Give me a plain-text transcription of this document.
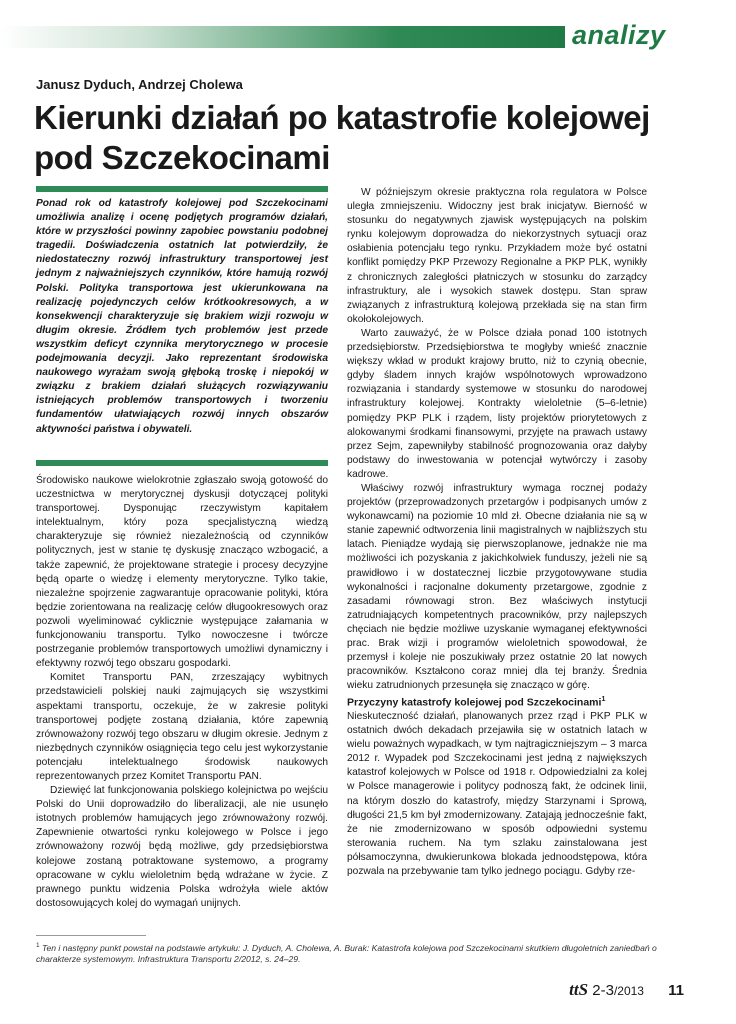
analizy
Janusz Dyduch, Andrzej Cholewa
Kierunki działań po katastrofie kolejowej pod Szczekocinami

Ponad rok od katastrofy kolejowej pod Szczekocinami umożliwia analizę i ocenę podjętych programów działań, które w przyszłości powinny zapobiec powstaniu podobnej tragedii. Doświadczenia ostatnich lat potwierdziły, że niedostateczny rozwój infrastruktury transportowej jest jednym z najważniejszych czynników, które hamują rozwój Polski. Polityka transportowa jest ukierunkowana na realizację pojedynczych celów krótkookresowych, a w konsekwencji charakteryzuje się brakiem wizji rozwoju w długim okresie. Źródłem tych problemów jest przede wszystkim deficyt czynnika merytorycznego w procesie podejmowania decyzji. Jako reprezentant środowiska naukowego wyrażam swoją głęboką troskę i niepokój w związku z brakiem działań służących rozwiązywaniu istniejących problemów transportowych i tworzeniu fundamentów ułatwiających rozwój innych obszarów aktywności państwa i obywateli.

Środowisko naukowe wielokrotnie zgłaszało swoją gotowość do uczestnictwa w merytorycznej dyskusji dotyczącej polityki transportowej. Dysponując rzeczywistym kapitałem intelektualnym, który poza specjalistyczną wiedzą charakteryzuje się również niezależnością od czynników politycznych, jest w stanie tę dyskusję znacząco wzbogacić, a także zapewnić, że projektowane strategie i procesy decyzyjne będą oparte o wiedzę i elementy merytoryczne. Tylko takie, niezależne spojrzenie zagwarantuje opracowanie polityki, która będzie zorientowana na realizację celów długookresowych oraz pozwoli wyeliminować cyklicznie występujące załamania w funkcjonowaniu transportu. Tylko nowoczesne i twórcze postrzeganie problemów transportowych umożliwi dynamiczny i efektywny rozwój tego obszaru gospodarki.

Komitet Transportu PAN, zrzeszający wybitnych przedstawicieli polskiej nauki zajmujących się wszystkimi aspektami transportu, oczekuje, że w zakresie polityki transportowej podjęte zostaną działania, które zapewnią zrównoważony rozwój tego obszaru w długim okresie. Jednym z niezbędnych czynników osiągnięcia tego celu jest wykorzystanie potencjału intelektualnego środowisk naukowych reprezentowanych przez Komitet Transportu PAN.

Dziewięć lat funkcjonowania polskiego kolejnictwa po wejściu Polski do Unii doprowadziło do liberalizacji, ale nie usunęło istotnych problemów hamujących jego zrównoważony rozwój. Zapewnienie otwartości rynku kolejowego w Polsce i jego zrównoważony rozwój będą możliwe, gdy przedsiębiorstwa kolejowe zostaną potraktowane systemowo, a programy opracowane w cyklu wieloletnim będą wdrażane w życie. Z prawnego punktu widzenia Polska wdrożyła wiele aktów dostosowujących kolej do wymagań unijnych.

W późniejszym okresie praktyczna rola regulatora w Polsce uległa zmniejszeniu. Widoczny jest brak inicjatyw. Bierność w stosunku do negatywnych zjawisk występujących na polskim rynku kolejowym doprowadza do niekorzystnych sytuacji oraz osłabienia potencjału tego rynku. Przykładem może być ostatni konflikt pomiędzy PKP Przewozy Regionalne a PKP PLK, wynikły z chronicznych zaległości płatniczych w stosunku do zarządcy infrastruktury, ale i wysokich stawek dostępu. Stan spraw związanych z infrastrukturą kolejową przekłada się na stan firm okołokolejowych.

Warto zauważyć, że w Polsce działa ponad 100 istotnych przedsiębiorstw. Przedsiębiorstwa te mogłyby wnieść znacznie większy wkład w produkt krajowy brutto, niż to czynią obecnie, gdyby śladem innych krajów wspólnotowych wprowadzono rozwiązania i standardy systemowe w stosunku do narodowej infrastruktury kolejowej. Kontrakty wieloletnie (5–6-letnie) pomiędzy PKP PLK i rządem, listy projektów priorytetowych z alokowanymi środkami finansowymi, przyjęte na prawach ustawy przez Sejm, zapewniłyby stabilność prognozowania oraz dałyby podstawy do inwestowania w potencjał wytwórczy i zasoby kadrowe.

Właściwy rozwój infrastruktury wymaga rocznej podaży projektów (przeprowadzonych przetargów i podpisanych umów z wykonawcami) na poziomie 10 mld zł. Obecne działania nie są w stanie zapewnić odtworzenia linii magistralnych w najbliższych stu latach. Pieniądze wydają się pierwszoplanowe, jednakże nie ma możliwości ich pozyskania z jakichkolwiek funduszy, jeżeli nie są prawidłowo i w dostatecznej liczbie przygotowywane studia wykonalności i racjonalne dokumenty przetargowe, zgodnie z zasadami równowagi stron. Bez właściwych instytucji zatrudniających kompetentnych pracowników, przy najlepszych chęciach nie będzie możliwe uzyskanie wymaganej efektywności prac. Brak wizji i programów wieloletnich spowodował, że przemysł i koleje nie poszukiwały przez ostatnie 20 lat nowych pracowników. Kształcono coraz mniej dla tej branży. Średnia wieku zatrudnionych przesunęła się znacząco w górę.

Przyczyny katastrofy kolejowej pod Szczekocinami$^1$

Nieskuteczność działań, planowanych przez rząd i PKP PLK w ostatnich dwóch dekadach przejawiła się w ostatnich latach w wielu poważnych wypadkach, w tym najtragiczniejszym – 3 marca 2012 r. Wypadek pod Szczekocinami jest jedną z największych katastrof kolejowych w Polsce od 1918 r. Odpowiedzialni za kolej w Polsce managerowie i politycy podnoszą fakt, że odcinek linii, na którym doszło do katastrofy, między Starzynami i Sprową, długości 21,5 km był zmodernizowany. Zatajają jednocześnie fakt, że nie zmodernizowano w sposób odpowiedni systemu sterowania ruchem. Na tym szlaku zainstalowana jest półsamoczynna, dwukierunkowa blokada jednoodstępowa, która pozwala na przebywanie tam tylko jednego pociągu. Gdyby rze-

$^1$ Ten i następny punkt powstał na podstawie artykułu: J. Dyduch, A. Cholewa, A. Burak: Katastrofa kolejowa pod Szczekocinami skutkiem długoletnich zaniedbań o charakterze systemowym. Infrastruktura Transportu 2/2012, s. 24–29.
ttS 2-3/2013 11
